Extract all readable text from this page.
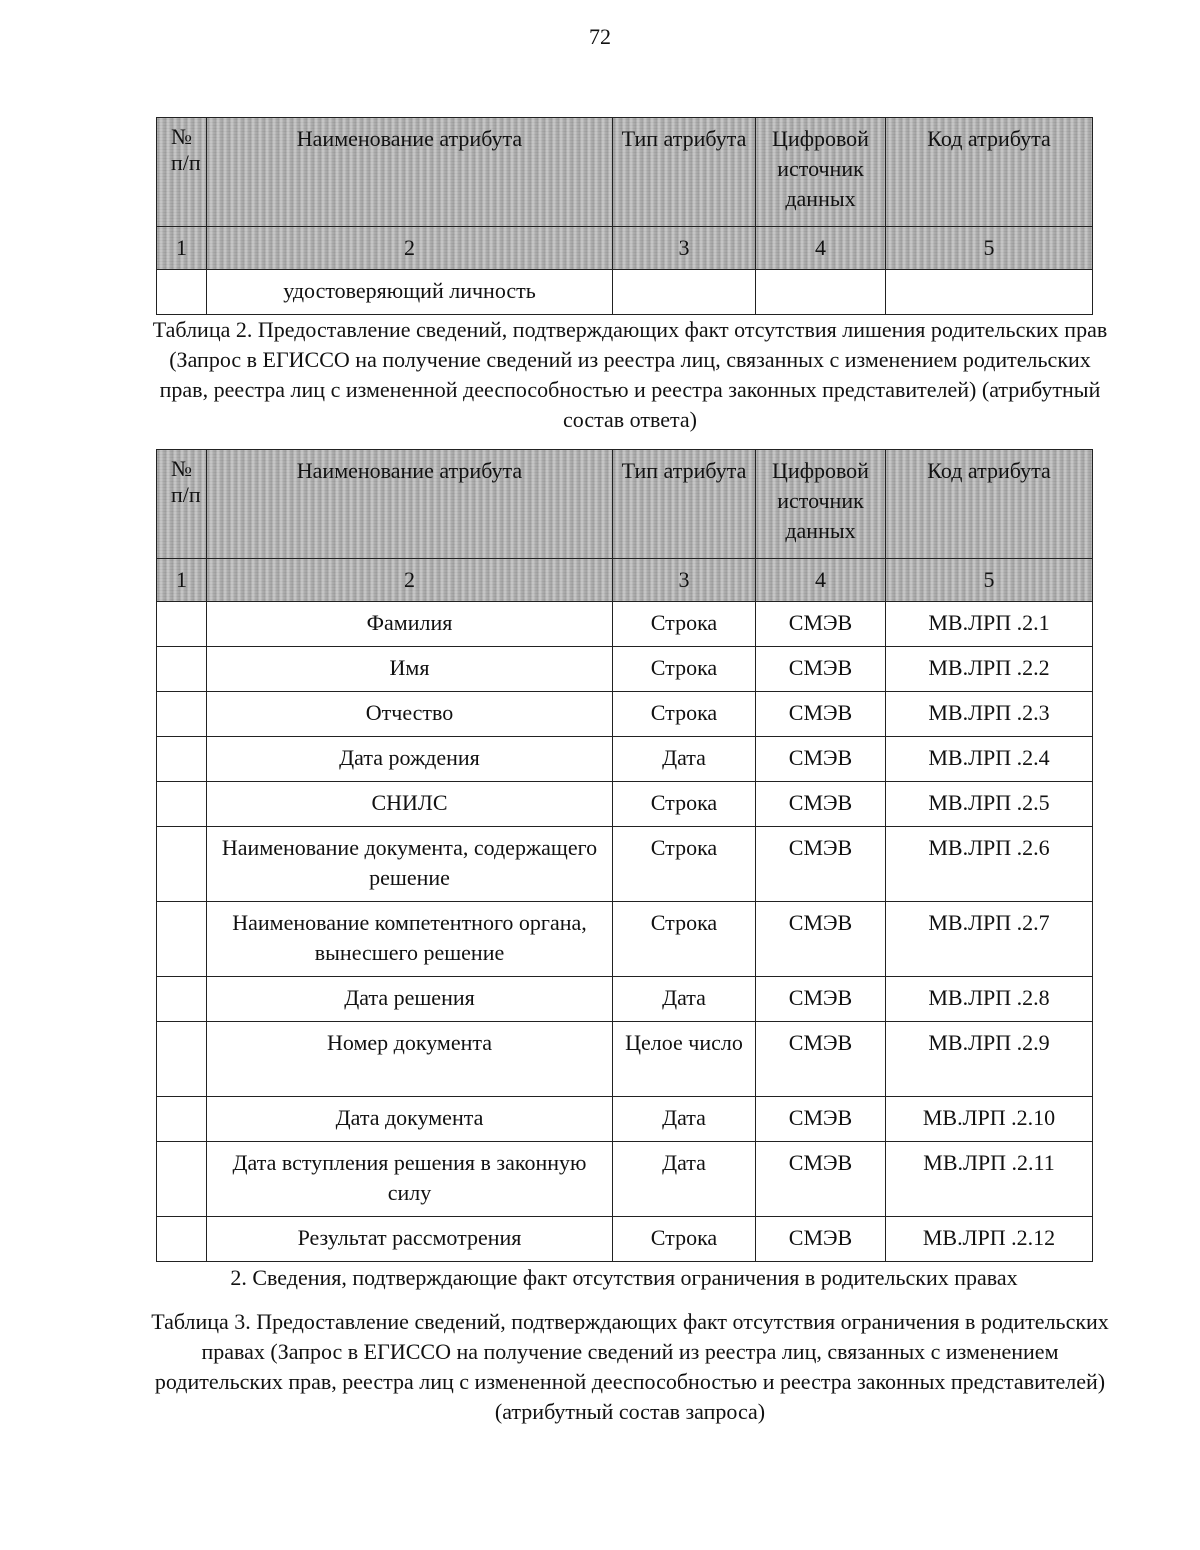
72
№ п/п	Наименование атрибута	Тип атрибута	Цифровой источник данных	Код атрибута

1	2	3	4	5

	удостоверяющий личность			

Таблица 2. Предоставление сведений, подтверждающих факт отсутствия лишения родительских прав (Запрос в ЕГИССО на получение сведений из реестра лиц, связанных с изменением родительских прав, реестра лиц с измененной дееспособностью и реестра законных представителей) (атрибутный состав ответа)
№ п/п	Наименование атрибута	Тип атрибута	Цифровой источник данных	Код атрибута

1	2	3	4	5

	Фамилия	Строка	СМЭВ	МВ.ЛРП .2.1

	Имя	Строка	СМЭВ	МВ.ЛРП .2.2

	Отчество	Строка	СМЭВ	МВ.ЛРП .2.3

	Дата рождения	Дата	СМЭВ	МВ.ЛРП .2.4

	СНИЛС	Строка	СМЭВ	МВ.ЛРП .2.5

	Наименование документа, содержащего решение	Строка	СМЭВ	МВ.ЛРП .2.6

	Наименование компетентного органа, вынесшего решение	Строка	СМЭВ	МВ.ЛРП .2.7

	Дата решения	Дата	СМЭВ	МВ.ЛРП .2.8

	Номер документа	Целое число	СМЭВ	МВ.ЛРП .2.9

	Дата документа	Дата	СМЭВ	МВ.ЛРП .2.10

	Дата вступления решения в законную силу	Дата	СМЭВ	МВ.ЛРП .2.11

	Результат рассмотрения	Строка	СМЭВ	МВ.ЛРП .2.12
2. Сведения, подтверждающие факт отсутствия ограничения в родительских правах
Таблица 3. Предоставление сведений, подтверждающих факт отсутствия ограничения в родительских правах (Запрос в ЕГИССО на получение сведений из реестра лиц, связанных с изменением родительских прав, реестра лиц с измененной дееспособностью и реестра законных представителей) (атрибутный состав запроса)
